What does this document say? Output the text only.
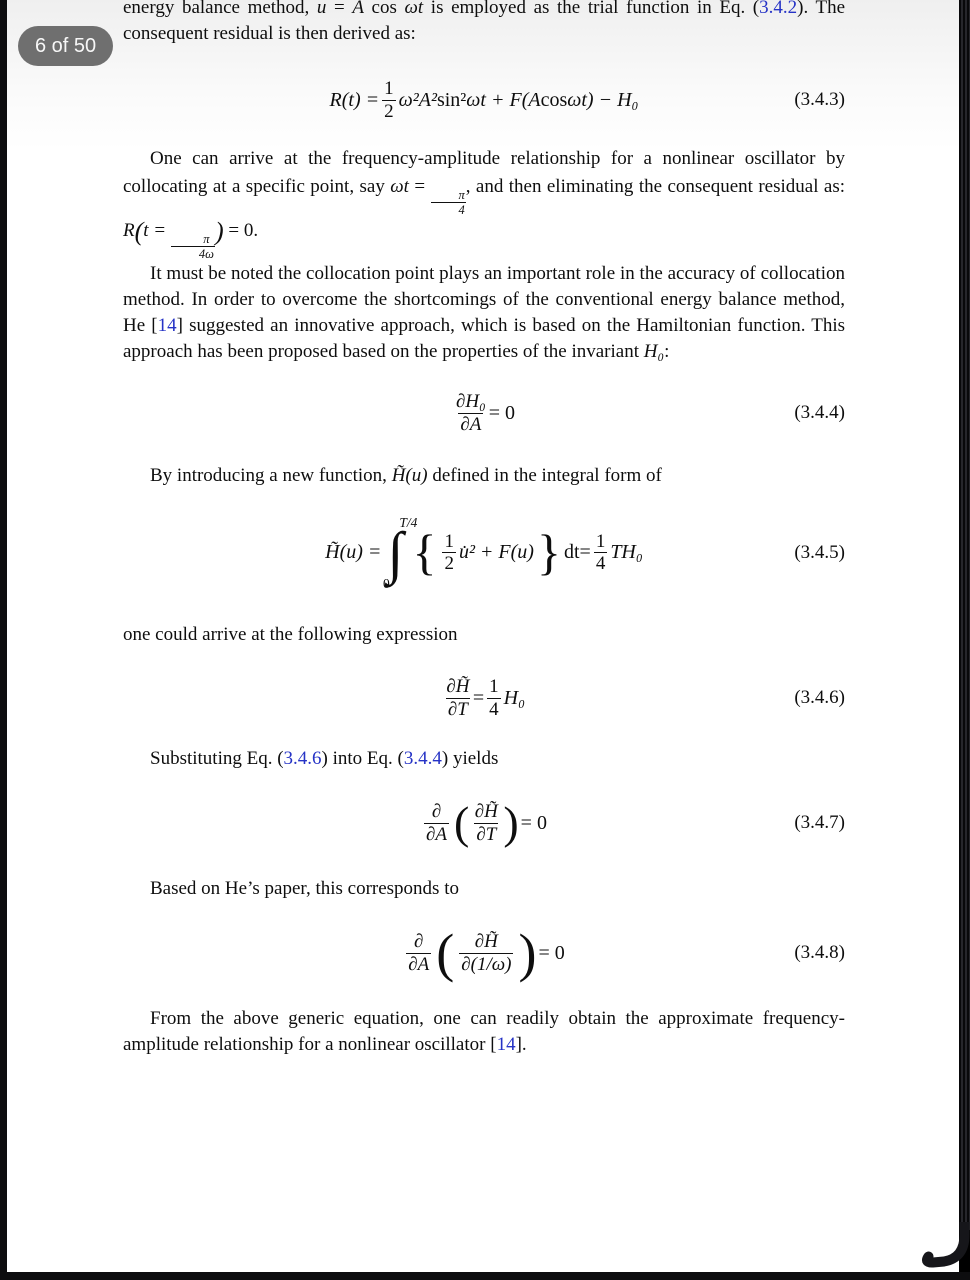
6 of 50

energy balance method, u = A cos ωt is employed as the trial function in Eq. (3.4.2). The consequent residual is then derived as:

$R(t) = \frac{1}{2} \omega^2A^2$ sin² ωt + F(A cos ωt) − H₀	(3.4.3)

One can arrive at the frequency-amplitude relationship for a nonlinear oscillator by collocating at a specific point, say ωt =
$\frac{\pi}{4}$
, and then eliminating the consequent residual as: R(t =
$\frac{\pi}{4\omega}$
) = 0.

It must be noted the collocation point plays an important role in the accuracy of collocation method. In order to overcome the shortcomings of the conventional energy balance method, He [14] suggested an innovative approach, which is based on the Hamiltonian function. This approach has been proposed based on the properties of the invariant H₀:

$\frac{\text{∂H₀}}{\partial A} = 0$	(3.4.4)

By introducing a new function, H̃(u) defined in the integral form of

H̃(u) =
T/4
∫
0
{ $\frac{1}{2}$ u̇² + F(u) } dt = $\frac{1}{4} TH_0$	(3.4.5)

one could arrive at the following expression

$\frac{\partial H̃}{\partial T} = \frac{1}{4} H_0$	(3.4.6)

Substituting Eq. (3.4.6) into Eq. (3.4.4) yields

$\frac{\partial}{\partial A}$ ( $\frac{\partial H̃}{\partial T}$ ) = 0	(3.4.7)

Based on He’s paper, this corresponds to

$\frac{\partial}{\partial A}$ ( $\frac{\partial H̃}{\partial(1/\omega)}$ ) = 0	(3.4.8)

From the above generic equation, one can readily obtain the approximate frequency-amplitude relationship for a nonlinear oscillator [14].
